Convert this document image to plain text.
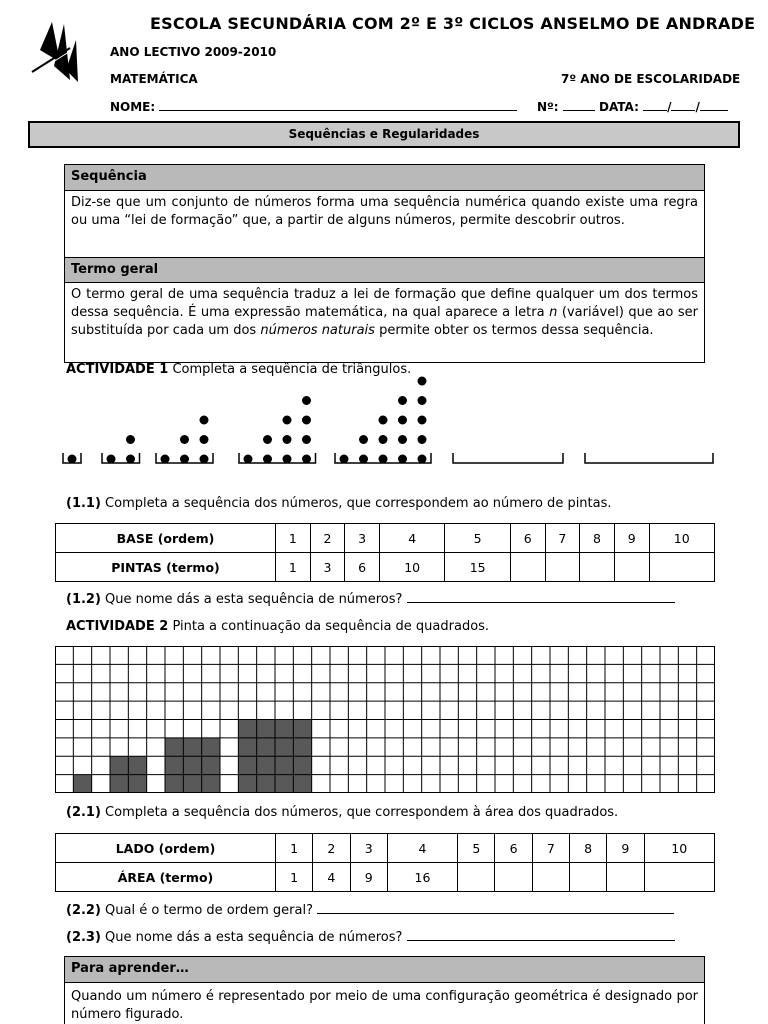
ESCOLA SECUNDÁRIA COM 2º E 3º CICLOS ANSELMO DE ANDRADE
ANO LECTIVO 2009-2010
MATEMÁTICA	7º ANO DE ESCOLARIDADE
NOME:	Nº:	DATA: / /
Sequências e Regularidades
Sequência
Diz-se que um conjunto de números forma uma sequência numérica quando existe uma regra ou uma “lei de formação” que, a partir de alguns números, permite descobrir outros.
Termo geral
O termo geral de uma sequência traduz a lei de formação que define qualquer um dos termos dessa sequência. É uma expressão matemática, na qual aparece a letra n (variável) que ao ser substituída por cada um dos números naturais permite obter os termos dessa sequência.
ACTIVIDADE 1 Completa a sequência de triângulos.
(1.1) Completa a sequência dos números, que correspondem ao número de pintas.
BASE (ordem)	1	2	3	4	5	6	7	8	9	10
PINTAS (termo)	1	3	6	10	15					
(1.2) Que nome dás a esta sequência de números?
ACTIVIDADE 2 Pinta a continuação da sequência de quadrados.
(2.1) Completa a sequência dos números, que correspondem à área dos quadrados.
LADO (ordem)	1	2	3	4	5	6	7	8	9	10
ÁREA (termo)	1	4	9	16						
(2.2) Qual é o termo de ordem geral?
(2.3) Que nome dás a esta sequência de números?
Para aprender…
Quando um número é representado por meio de uma configuração geométrica é designado por número figurado.
